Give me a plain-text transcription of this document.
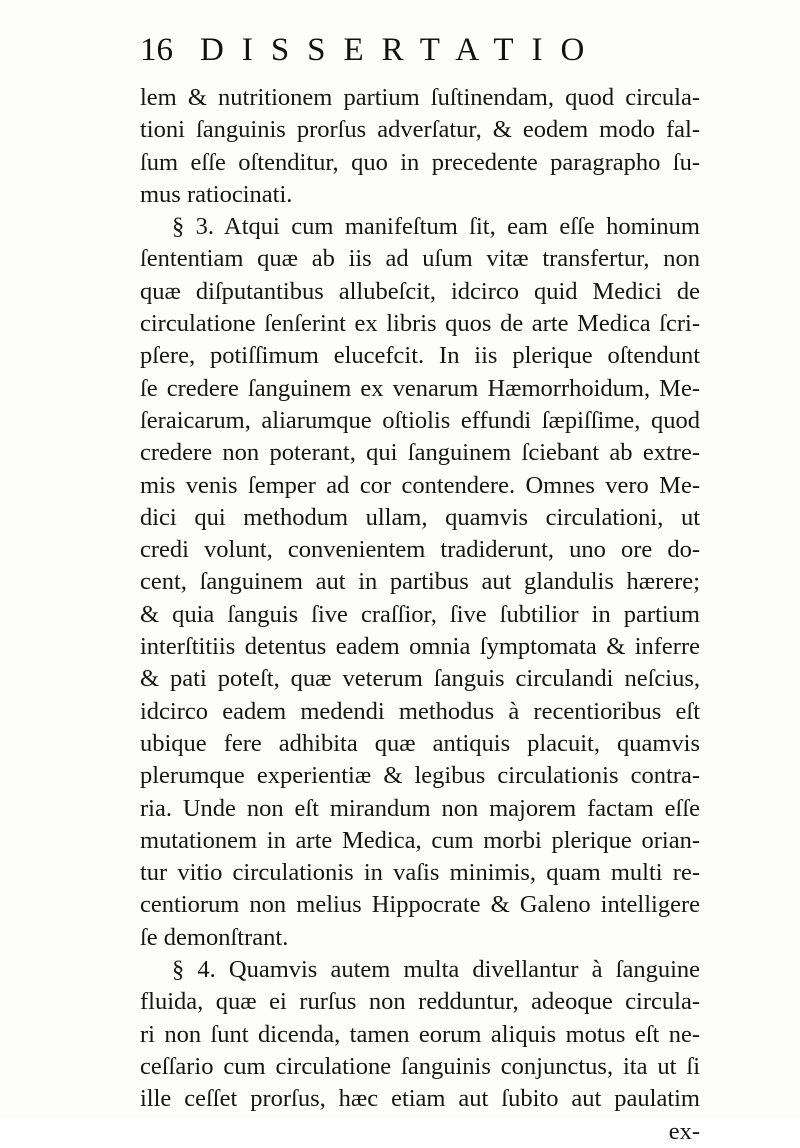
16 DISSERTATIO
lem & nutritionem partium ſuſtinendam, quod circula-
tioni ſanguinis prorſus adverſatur, & eodem modo fal-
ſum eſſe oſtenditur, quo in precedente paragrapho ſu-
mus ratiocinati.
§ 3. Atqui cum manifeſtum ſit, eam eſſe hominum
ſententiam quæ ab iis ad uſum vitæ transfertur, non
quæ diſputantibus allubeſcit, idcirco quid Medici de
circulatione ſenſerint ex libris quos de arte Medica ſcri-
pſere, potiſſimum elucefcit. In iis plerique oſtendunt
ſe credere ſanguinem ex venarum Hæmorrhoidum, Me-
ſeraicarum, aliarumque oſtiolis effundi ſæpiſſime, quod
credere non poterant, qui ſanguinem ſciebant ab extre-
mis venis ſemper ad cor contendere. Omnes vero Me-
dici qui methodum ullam, quamvis circulationi, ut
credi volunt, convenientem tradiderunt, uno ore do-
cent, ſanguinem aut in partibus aut glandulis hærere;
& quia ſanguis ſive craſſior, ſive ſubtilior in partium
interſtitiis detentus eadem omnia ſymptomata & inferre
& pati poteſt, quæ veterum ſanguis circulandi neſcius,
idcirco eadem medendi methodus à recentioribus eſt
ubique fere adhibita quæ antiquis placuit, quamvis
plerumque experientiæ & legibus circulationis contra-
ria. Unde non eſt mirandum non majorem factam eſſe
mutationem in arte Medica, cum morbi plerique orian-
tur vitio circulationis in vaſis minimis, quam multi re-
centiorum non melius Hippocrate & Galeno intelligere
ſe demonſtrant.
§ 4. Quamvis autem multa divellantur à ſanguine
fluida, quæ ei rurſus non redduntur, adeoque circula-
ri non ſunt dicenda, tamen eorum aliquis motus eſt ne-
ceſſario cum circulatione ſanguinis conjunctus, ita ut ſi
ille ceſſet prorſus, hæc etiam aut ſubito aut paulatim
ex-
